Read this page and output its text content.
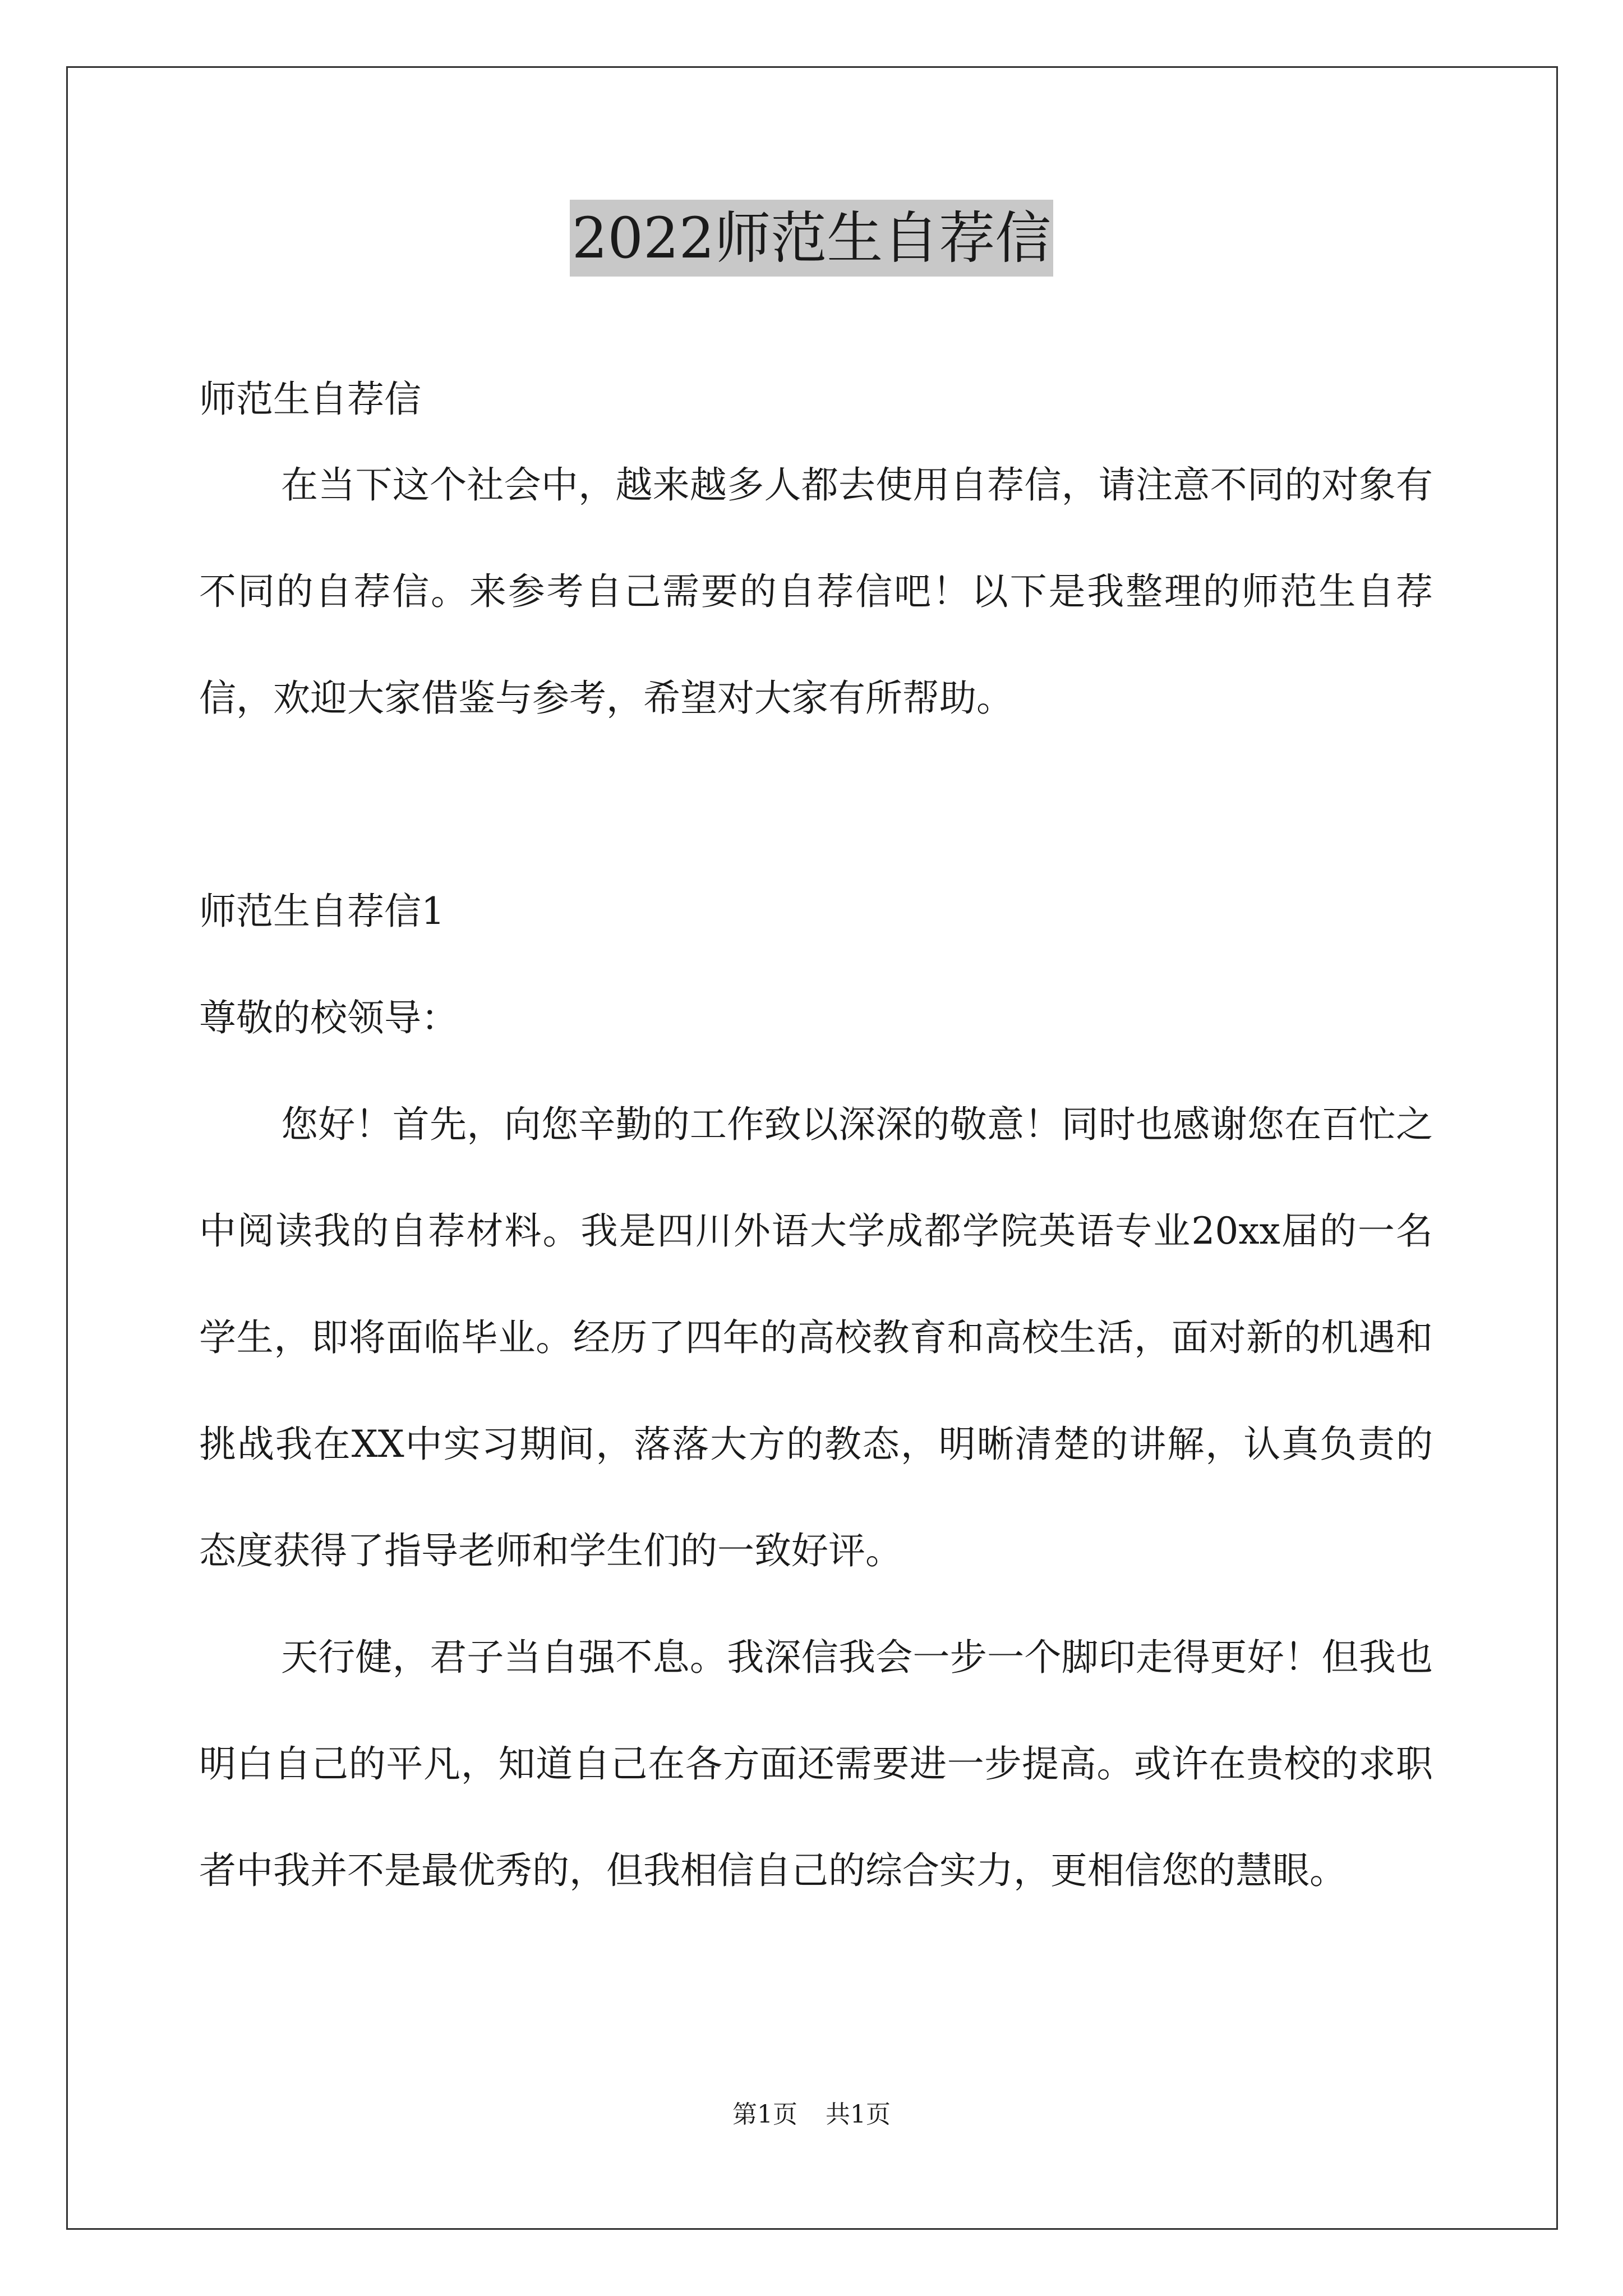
2022师范生自荐信

师范生自荐信

在当下这个社会中，越来越多人都去使用自荐信，请注意不同的对象有不同的自荐信。来参考自己需要的自荐信吧！以下是我整理的师范生自荐信，欢迎大家借鉴与参考，希望对大家有所帮助。

师范生自荐信1

尊敬的校领导：

您好！首先，向您辛勤的工作致以深深的敬意！同时也感谢您在百忙之中阅读我的自荐材料。我是四川外语大学成都学院英语专业20xx届的一名学生，即将面临毕业。经历了四年的高校教育和高校生活，面对新的机遇和挑战我在XX中实习期间，落落大方的教态，明晰清楚的讲解，认真负责的态度获得了指导老师和学生们的一致好评。

天行健，君子当自强不息。我深信我会一步一个脚印走得更好！但我也明白自己的平凡，知道自己在各方面还需要进一步提高。或许在贵校的求职者中我并不是最优秀的，但我相信自己的综合实力，更相信您的慧眼。

第1页 共1页
